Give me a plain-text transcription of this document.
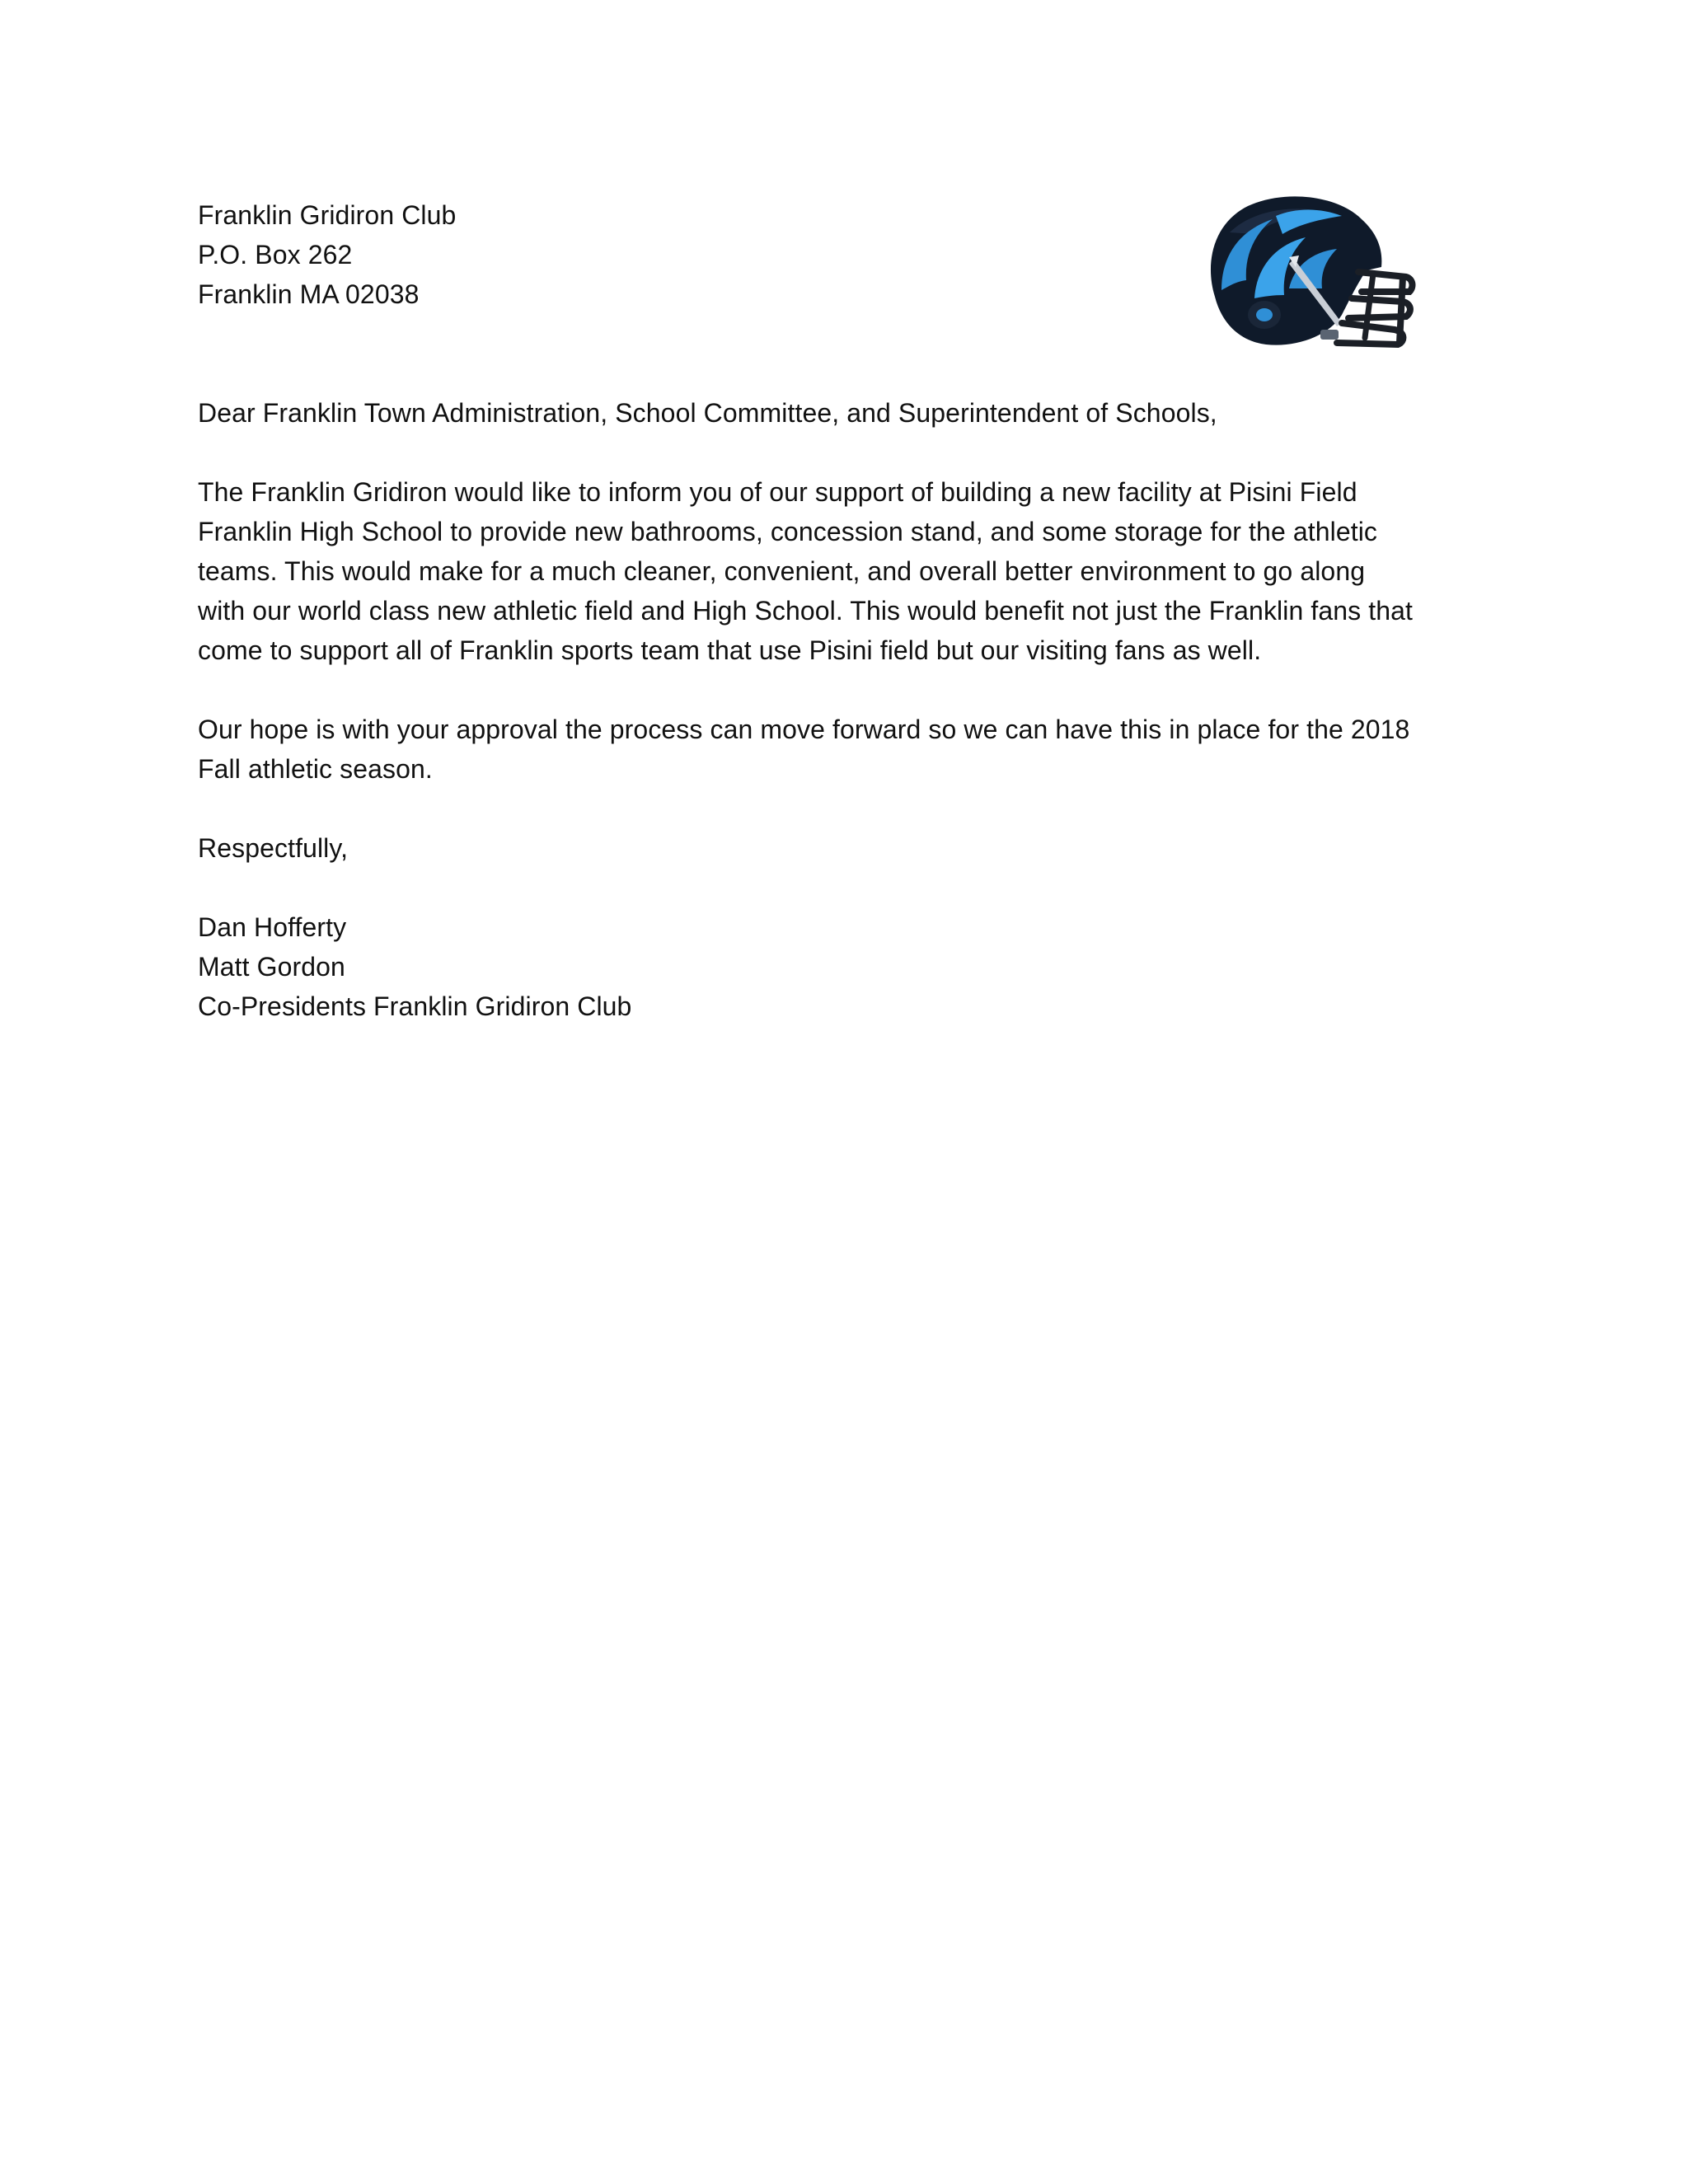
Franklin Gridiron Club
P.O. Box 262
Franklin MA 02038
Dear Franklin Town Administration, School Committee, and Superintendent of Schools,
The Franklin Gridiron would like to inform you of our support of building a new facility at Pisini Field
Franklin High School to provide new bathrooms, concession stand, and some storage for the athletic
teams. This would make for a much cleaner, convenient, and overall better environment to go along
with our world class new athletic field and High School. This would benefit not just the Franklin fans that
come to support all of Franklin sports team that use Pisini field but our visiting fans as well.
Our hope is with your approval the process can move forward so we can have this in place for the 2018
Fall athletic season.
Respectfully,
Dan Hofferty
Matt Gordon
Co-Presidents Franklin Gridiron Club
